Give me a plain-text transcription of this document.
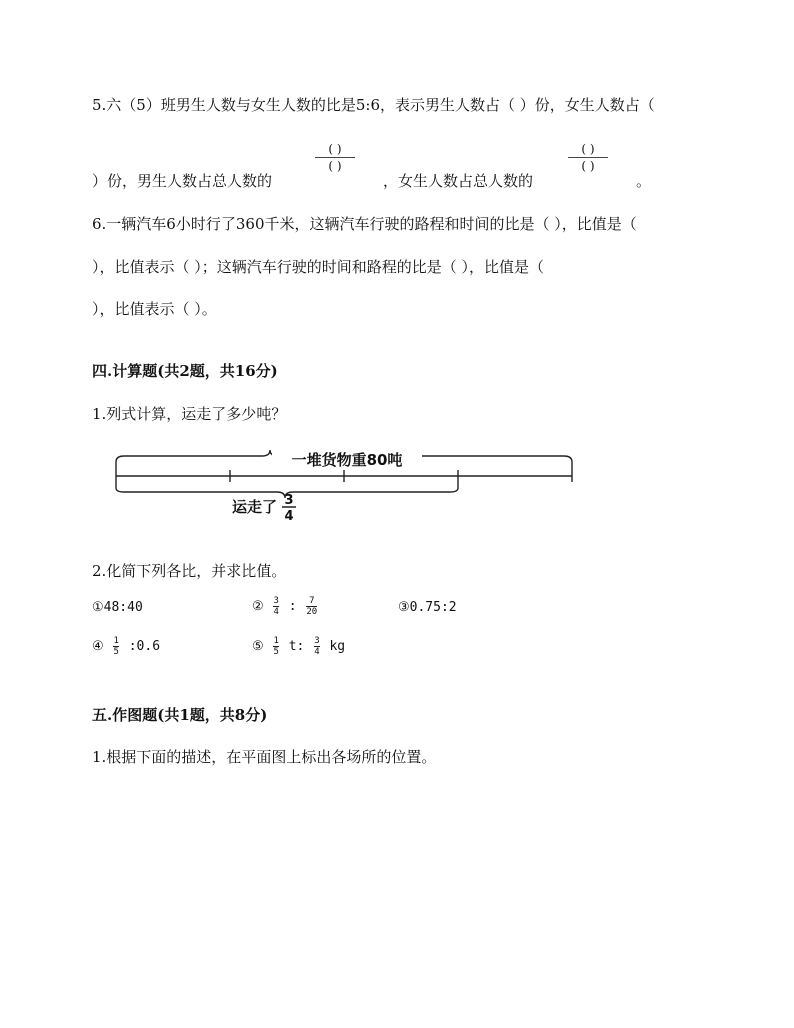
5.六（5）班男生人数与女生人数的比是5:6，表示男生人数占（ ）份，女生人数占（
( )
( )
( )
( )
）份，男生人数占总人数的	，女生人数占总人数的	。
6.一辆汽车6小时行了360千米，这辆汽车行驶的路程和时间的比是（ ），比值是（
），比值表示（ ）；这辆汽车行驶的时间和路程的比是（ ），比值是（
），比值表示（ ）。
四.计算题(共2题，共16分)
1.列式计算，运走了多少吨？
一堆货物重80吨
运走了 3
4
2.化简下列各比，并求比值。
①48:40	② $\frac{3}{4}$ : $\frac{7}{20}$	③0.75:2
④ $\frac{1}{5}$ :0.6	⑤ $\frac{1}{5} t$: $\frac{3}{4}$ kg
五.作图题(共1题，共8分)
1.根据下面的描述，在平面图上标出各场所的位置。
